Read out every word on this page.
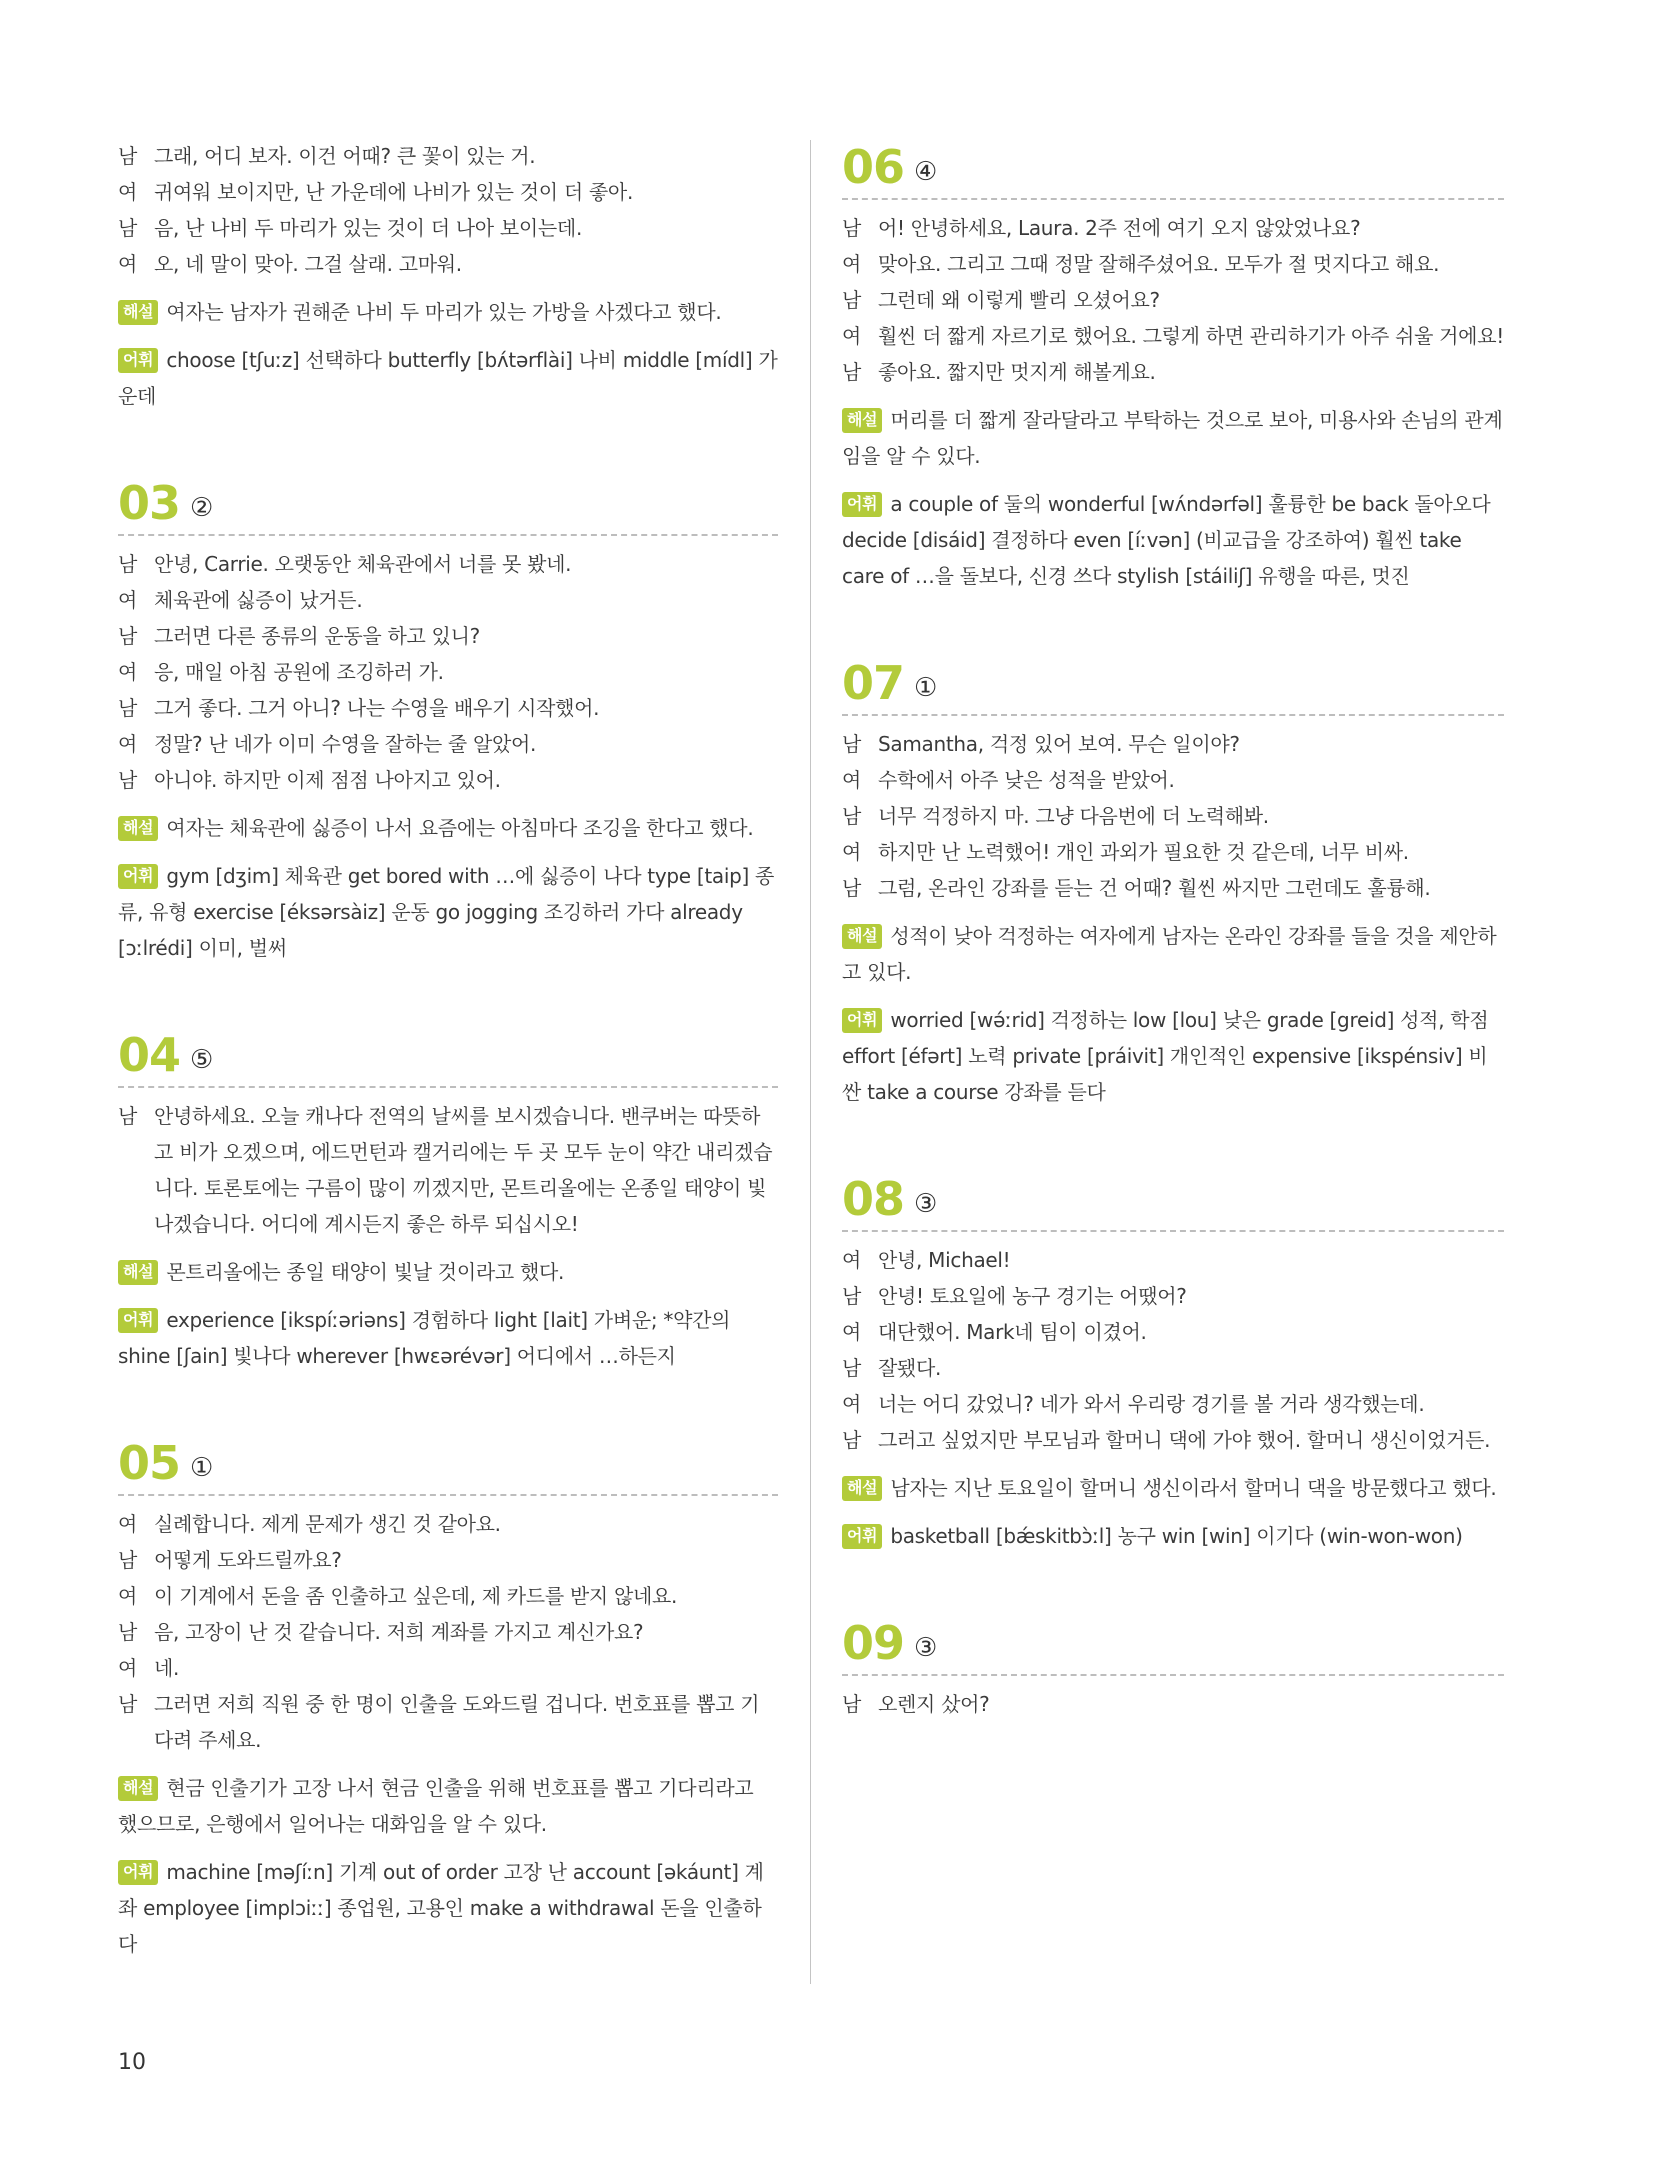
남 그래, 어디 보자. 이건 어때? 큰 꽃이 있는 거.
여 귀여워 보이지만, 난 가운데에 나비가 있는 것이 더 좋아.
남 음, 난 나비 두 마리가 있는 것이 더 나아 보이는데.
여 오, 네 말이 맞아. 그걸 살래. 고마워.
해설 여자는 남자가 권해준 나비 두 마리가 있는 가방을 사겠다고 했다.
어휘 choose [tʃuːz] 선택하다 butterfly [bʌ́tərflài] 나비 middle [mídl] 가운데
03 ②
남 안녕, Carrie. 오랫동안 체육관에서 너를 못 봤네.
여 체육관에 싫증이 났거든.
남 그러면 다른 종류의 운동을 하고 있니?
여 응, 매일 아침 공원에 조깅하러 가.
남 그거 좋다. 그거 아니? 나는 수영을 배우기 시작했어.
여 정말? 난 네가 이미 수영을 잘하는 줄 알았어.
남 아니야. 하지만 이제 점점 나아지고 있어.
해설 여자는 체육관에 싫증이 나서 요즘에는 아침마다 조깅을 한다고 했다.
어휘 gym [dʒim] 체육관 get bored with …에 싫증이 나다 type [taip] 종류, 유형 exercise [éksərsàiz] 운동 go jogging 조깅하러 가다 already [ɔːlrédi] 이미, 벌써
04 ⑤
남 안녕하세요. 오늘 캐나다 전역의 날씨를 보시겠습니다. 밴쿠버는 따뜻하고 비가 오겠으며, 에드먼턴과 캘거리에는 두 곳 모두 눈이 약간 내리겠습니다. 토론토에는 구름이 많이 끼겠지만, 몬트리올에는 온종일 태양이 빛나겠습니다. 어디에 계시든지 좋은 하루 되십시오!
해설 몬트리올에는 종일 태양이 빛날 것이라고 했다.
어휘 experience [ikspíːəriəns] 경험하다 light [lait] 가벼운; *약간의 shine [ʃain] 빛나다 wherever [hwɛərévər] 어디에서 …하든지
05 ①
여 실례합니다. 제게 문제가 생긴 것 같아요.
남 어떻게 도와드릴까요?
여 이 기계에서 돈을 좀 인출하고 싶은데, 제 카드를 받지 않네요.
남 음, 고장이 난 것 같습니다. 저희 계좌를 가지고 계신가요?
여 네.
남 그러면 저희 직원 중 한 명이 인출을 도와드릴 겁니다. 번호표를 뽑고 기다려 주세요.
해설 현금 인출기가 고장 나서 현금 인출을 위해 번호표를 뽑고 기다리라고 했으므로, 은행에서 일어나는 대화임을 알 수 있다.
어휘 machine [məʃíːn] 기계 out of order 고장 난 account [əkáunt] 계좌 employee [implɔiːː] 종업원, 고용인 make a withdrawal 돈을 인출하다
06 ④
남 어! 안녕하세요, Laura. 2주 전에 여기 오지 않았었나요?
여 맞아요. 그리고 그때 정말 잘해주셨어요. 모두가 절 멋지다고 해요.
남 그런데 왜 이렇게 빨리 오셨어요?
여 훨씬 더 짧게 자르기로 했어요. 그렇게 하면 관리하기가 아주 쉬울 거에요!
남 좋아요. 짧지만 멋지게 해볼게요.
해설 머리를 더 짧게 잘라달라고 부탁하는 것으로 보아, 미용사와 손님의 관계임을 알 수 있다.
어휘 a couple of 둘의 wonderful [wʌ́ndərfəl] 훌륭한 be back 돌아오다 decide [disáid] 결정하다 even [íːvən] (비교급을 강조하여) 훨씬 take care of …을 돌보다, 신경 쓰다 stylish [stáiliʃ] 유행을 따른, 멋진
07 ①
남 Samantha, 걱정 있어 보여. 무슨 일이야?
여 수학에서 아주 낮은 성적을 받았어.
남 너무 걱정하지 마. 그냥 다음번에 더 노력해봐.
여 하지만 난 노력했어! 개인 과외가 필요한 것 같은데, 너무 비싸.
남 그럼, 온라인 강좌를 듣는 건 어때? 훨씬 싸지만 그런데도 훌륭해.
해설 성적이 낮아 걱정하는 여자에게 남자는 온라인 강좌를 들을 것을 제안하고 있다.
어휘 worried [wə́ːrid] 걱정하는 low [lou] 낮은 grade [greid] 성적, 학점 effort [éfərt] 노력 private [práivit] 개인적인 expensive [ikspénsiv] 비싼 take a course 강좌를 듣다
08 ③
여 안녕, Michael!
남 안녕! 토요일에 농구 경기는 어땠어?
여 대단했어. Mark네 팀이 이겼어.
남 잘됐다.
여 너는 어디 갔었니? 네가 와서 우리랑 경기를 볼 거라 생각했는데.
남 그러고 싶었지만 부모님과 할머니 댁에 가야 했어. 할머니 생신이었거든.
해설 남자는 지난 토요일이 할머니 생신이라서 할머니 댁을 방문했다고 했다.
어휘 basketball [bǽskitbɔ̀ːl] 농구 win [win] 이기다 (win-won-won)
09 ③
남 오렌지 샀어?
10
